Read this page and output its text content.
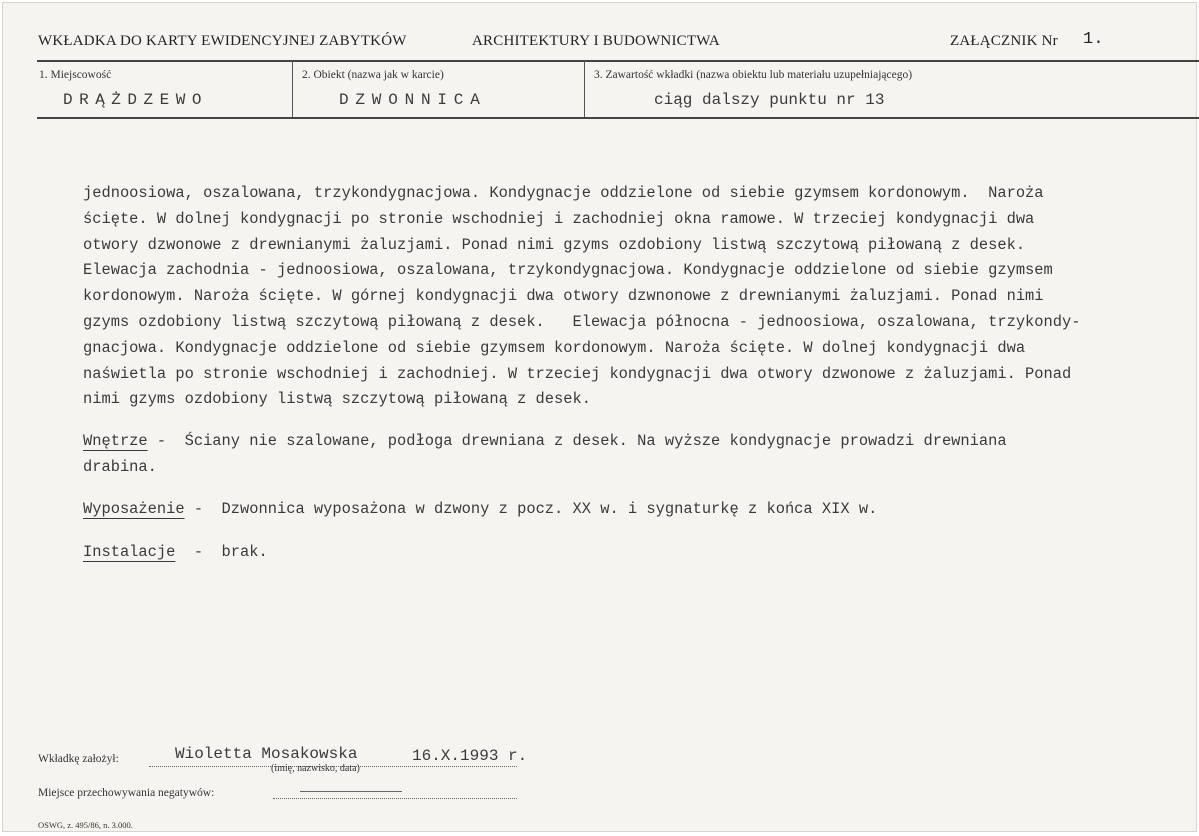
WKŁADKA DO KARTY EWIDENCYJNEJ ZABYTKÓW	ARCHITEKTURY I BUDOWNICTWA	ZAŁĄCZNIK Nr 1.
1. Miejscowość	2. Obiekt (nazwa jak w karcie)	3. Zawartość wkładki (nazwa obiektu lub materiału uzupełniającego)
DRĄŻDZEWO	DZWONNICA	ciąg dalszy punktu nr 13
jednoosiowa, oszalowana, trzykondygnacjowa. Kondygnacje oddzielone od siebie gzymsem kordonowym.  Naroża
ścięte. W dolnej kondygnacji po stronie wschodniej i zachodniej okna ramowe. W trzeciej kondygnacji dwa
otwory dzwonowe z drewnianymi żaluzjami. Ponad nimi gzyms ozdobiony listwą szczytową piłowaną z desek.
Elewacja zachodnia - jednoosiowa, oszalowana, trzykondygnacjowa. Kondygnacje oddzielone od siebie gzymsem
kordonowym. Naroża ścięte. W górnej kondygnacji dwa otwory dzwnonowe z drewnianymi żaluzjami. Ponad nimi
gzyms ozdobiony listwą szczytową piłowaną z desek.   Elewacja północna - jednoosiowa, oszalowana, trzykondy-
gnacjowa. Kondygnacje oddzielone od siebie gzymsem kordonowym. Naroża ścięte. W dolnej kondygnacji dwa
naświetla po stronie wschodniej i zachodniej. W trzeciej kondygnacji dwa otwory dzwonowe z żaluzjami. Ponad
nimi gzyms ozdobiony listwą szczytową piłowaną z desek.
Wnętrze -  Ściany nie szalowane, podłoga drewniana z desek. Na wyższe kondygnacje prowadzi drewniana
drabina.
Wyposażenie -  Dzwonnica wyposażona w dzwony z pocz. XX w. i sygnaturkę z końca XIX w.
Instalacje  -  brak.
Wkładkę założył:	Wioletta Mosakowska	16.X.1993 r.
(imię, nazwisko, data)
Miejsce przechowywania negatywów:
OSWG, z. 495/86, n. 3.000.
